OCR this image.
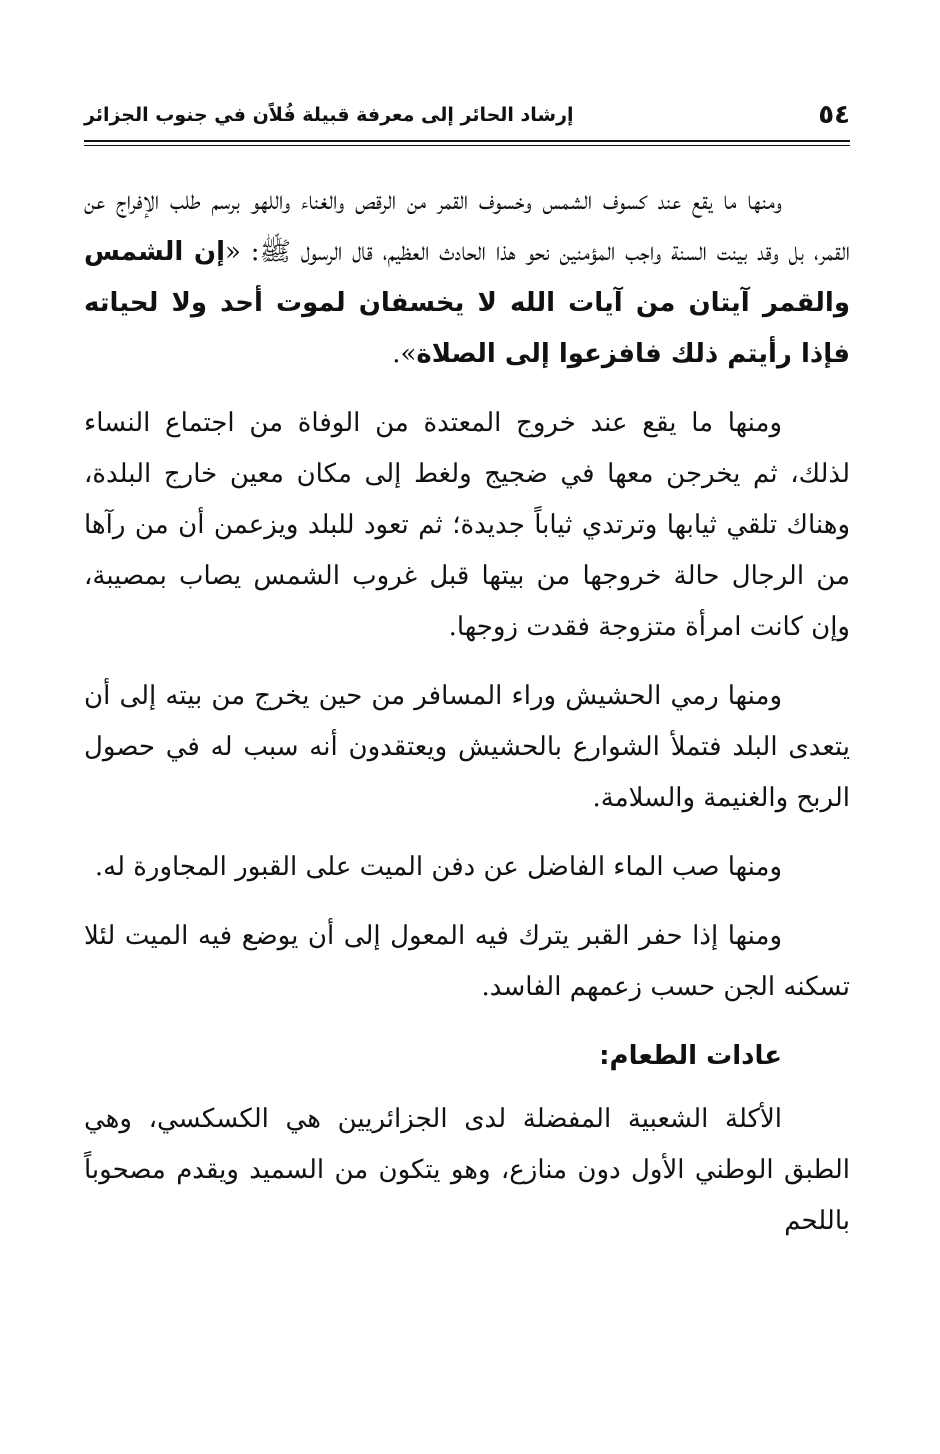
٥٤
إرشاد الحائر إلى معرفة قبيلة فُلاًن في جنوب الجزائر

ومنها ما يقع عند كسوف الشمس وخسوف القمر من الرقص والغناء واللهو برسم طلب الإفراج عن القمر، بل وقد بينت السنة واجب المؤمنين نحو هذا الحادث العظيم، قال الرسول ﷺ: «إن الشمس والقمر آيتان من آيات الله لا يخسفان لموت أحد ولا لحياته فإذا رأيتم ذلك فافزعوا إلى الصلاة».

ومنها ما يقع عند خروج المعتدة من الوفاة من اجتماع النساء لذلك، ثم يخرجن معها في ضجيج ولغط إلى مكان معين خارج البلدة، وهناك تلقي ثيابها وترتدي ثياباً جديدة؛ ثم تعود للبلد ويزعمن أن من رآها من الرجال حالة خروجها من بيتها قبل غروب الشمس يصاب بمصيبة، وإن كانت امرأة متزوجة فقدت زوجها.

ومنها رمي الحشيش وراء المسافر من حين يخرج من بيته إلى أن يتعدى البلد فتملأ الشوارع بالحشيش ويعتقدون أنه سبب له في حصول الربح والغنيمة والسلامة.

ومنها صب الماء الفاضل عن دفن الميت على القبور المجاورة له.

ومنها إذا حفر القبر يترك فيه المعول إلى أن يوضع فيه الميت لئلا تسكنه الجن حسب زعمهم الفاسد.

عادات الطعام:

الأكلة الشعبية المفضلة لدى الجزائريين هي الكسكسي، وهي الطبق الوطني الأول دون منازع، وهو يتكون من السميد ويقدم مصحوباً باللحم
